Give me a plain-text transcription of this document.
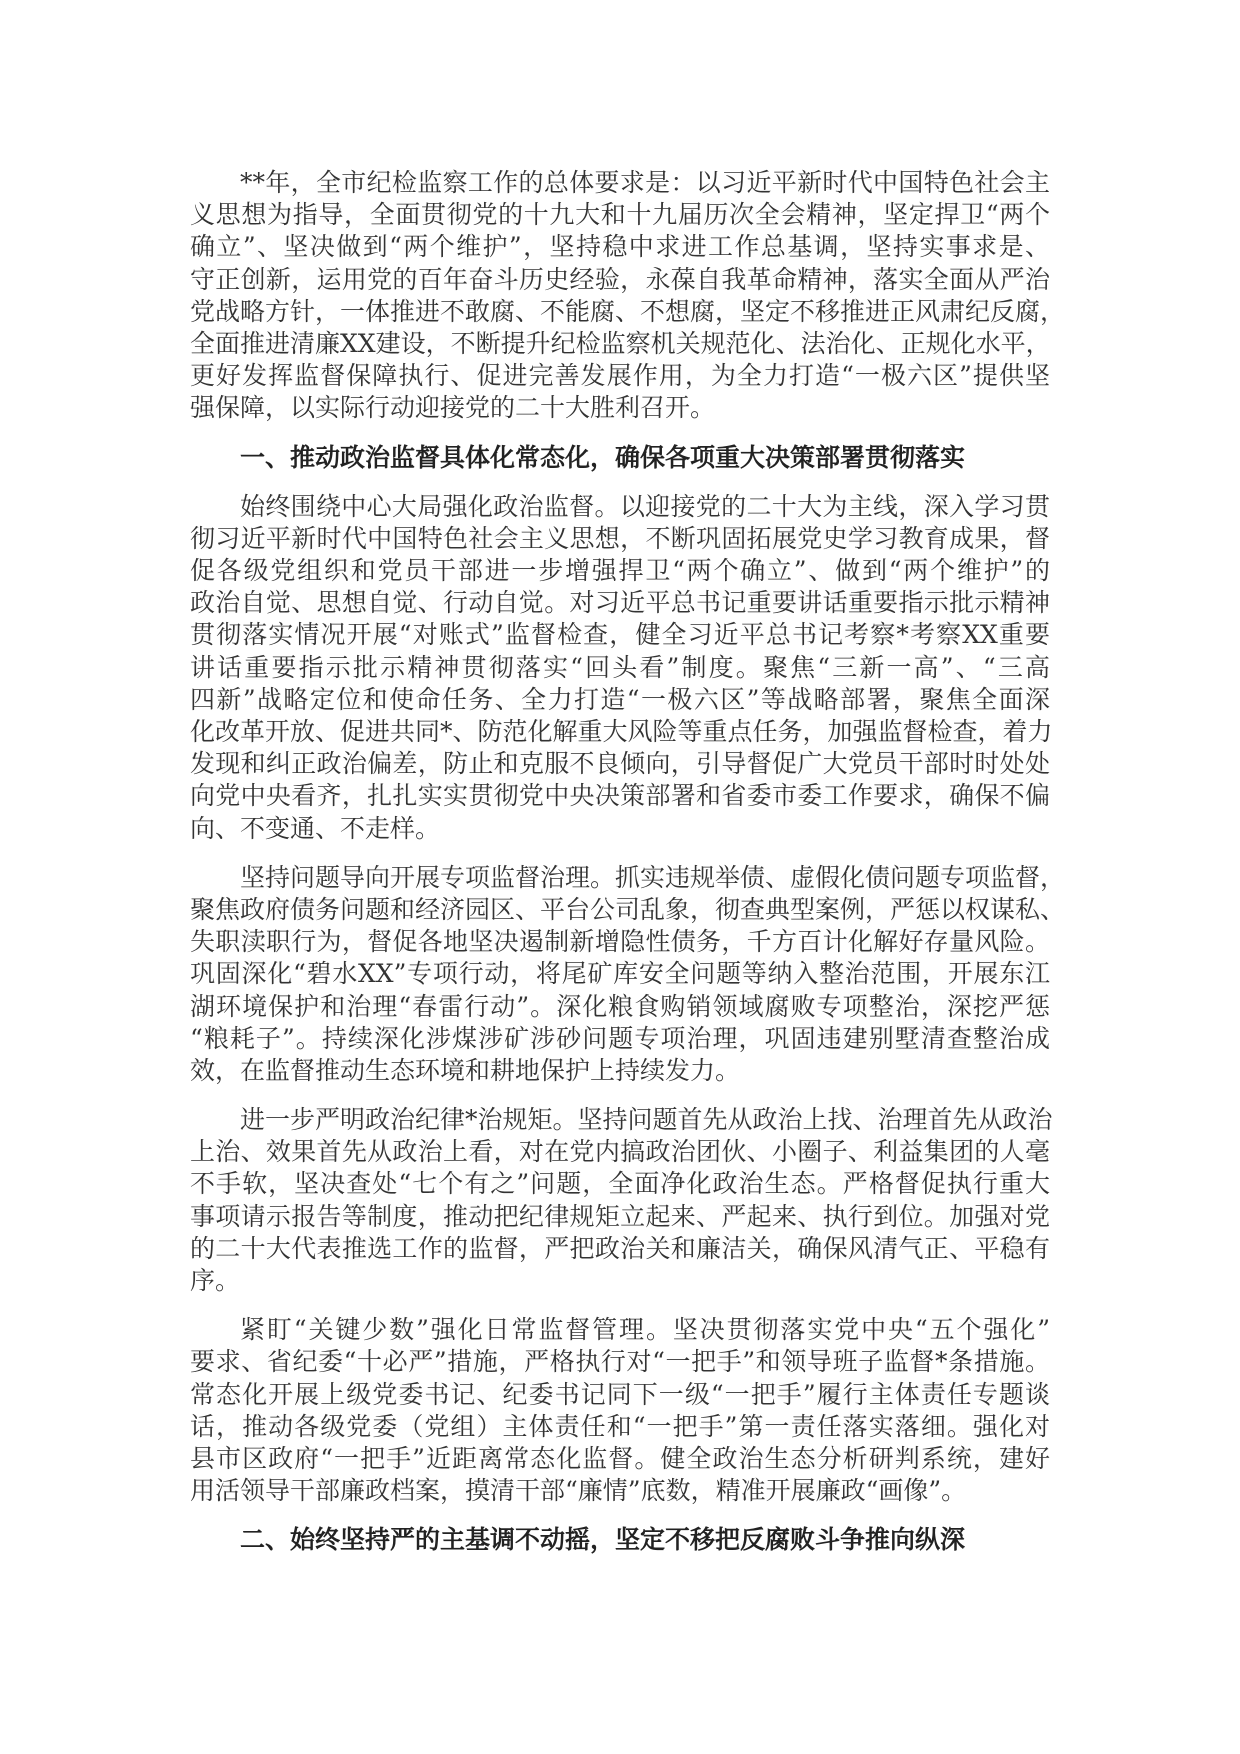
**年，全市纪检监察工作的总体要求是：以习近平新时代中国特色社会主
义思想为指导，全面贯彻党的十九大和十九届历次全会精神，坚定捍卫“两个
确立”、坚决做到“两个维护”，坚持稳中求进工作总基调，坚持实事求是、
守正创新，运用党的百年奋斗历史经验，永葆自我革命精神，落实全面从严治
党战略方针，一体推进不敢腐、不能腐、不想腐，坚定不移推进正风肃纪反腐，
全面推进清廉XX建设，不断提升纪检监察机关规范化、法治化、正规化水平，
更好发挥监督保障执行、促进完善发展作用，为全力打造“一极六区”提供坚
强保障，以实际行动迎接党的二十大胜利召开。
一、推动政治监督具体化常态化，确保各项重大决策部署贯彻落实
始终围绕中心大局强化政治监督。以迎接党的二十大为主线，深入学习贯
彻习近平新时代中国特色社会主义思想，不断巩固拓展党史学习教育成果，督
促各级党组织和党员干部进一步增强捍卫“两个确立”、做到“两个维护”的
政治自觉、思想自觉、行动自觉。对习近平总书记重要讲话重要指示批示精神
贯彻落实情况开展“对账式”监督检查，健全习近平总书记考察*考察XX重要
讲话重要指示批示精神贯彻落实“回头看”制度。聚焦“三新一高”、“三高
四新”战略定位和使命任务、全力打造“一极六区”等战略部署，聚焦全面深
化改革开放、促进共同*、防范化解重大风险等重点任务，加强监督检查，着力
发现和纠正政治偏差，防止和克服不良倾向，引导督促广大党员干部时时处处
向党中央看齐，扎扎实实贯彻党中央决策部署和省委市委工作要求，确保不偏
向、不变通、不走样。
坚持问题导向开展专项监督治理。抓实违规举债、虚假化债问题专项监督，
聚焦政府债务问题和经济园区、平台公司乱象，彻查典型案例，严惩以权谋私、
失职渎职行为，督促各地坚决遏制新增隐性债务，千方百计化解好存量风险。
巩固深化“碧水XX”专项行动，将尾矿库安全问题等纳入整治范围，开展东江
湖环境保护和治理“春雷行动”。深化粮食购销领域腐败专项整治，深挖严惩
“粮耗子”。持续深化涉煤涉矿涉砂问题专项治理，巩固违建别墅清查整治成
效，在监督推动生态环境和耕地保护上持续发力。
进一步严明政治纪律*治规矩。坚持问题首先从政治上找、治理首先从政治
上治、效果首先从政治上看，对在党内搞政治团伙、小圈子、利益集团的人毫
不手软，坚决查处“七个有之”问题，全面净化政治生态。严格督促执行重大
事项请示报告等制度，推动把纪律规矩立起来、严起来、执行到位。加强对党
的二十大代表推选工作的监督，严把政治关和廉洁关，确保风清气正、平稳有
序。
紧盯“关键少数”强化日常监督管理。坚决贯彻落实党中央“五个强化”
要求、省纪委“十必严”措施，严格执行对“一把手”和领导班子监督*条措施。
常态化开展上级党委书记、纪委书记同下一级“一把手”履行主体责任专题谈
话，推动各级党委（党组）主体责任和“一把手”第一责任落实落细。强化对
县市区政府“一把手”近距离常态化监督。健全政治生态分析研判系统，建好
用活领导干部廉政档案，摸清干部“廉情”底数，精准开展廉政“画像”。
二、始终坚持严的主基调不动摇，坚定不移把反腐败斗争推向纵深
